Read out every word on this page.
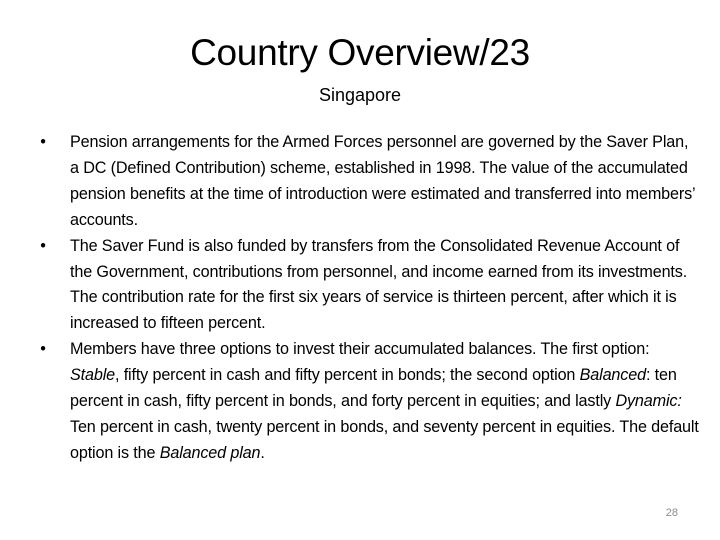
Country Overview/23
Singapore
• Pension arrangements for the Armed Forces personnel are governed by the Saver Plan, a DC (Defined Contribution) scheme, established in 1998. The value of the accumulated pension benefits at the time of introduction were estimated and transferred into members’ accounts.
• The Saver Fund is also funded by transfers from the Consolidated Revenue Account of the Government, contributions from personnel, and income earned from its investments. The contribution rate for the first six years of service is thirteen percent, after which it is increased to fifteen percent.
• Members have three options to invest their accumulated balances. The first option: Stable, fifty percent in cash and fifty percent in bonds; the second option Balanced: ten percent in cash, fifty percent in bonds, and forty percent in equities; and lastly Dynamic: Ten percent in cash, twenty percent in bonds, and seventy percent in equities. The default option is the Balanced plan.
28
